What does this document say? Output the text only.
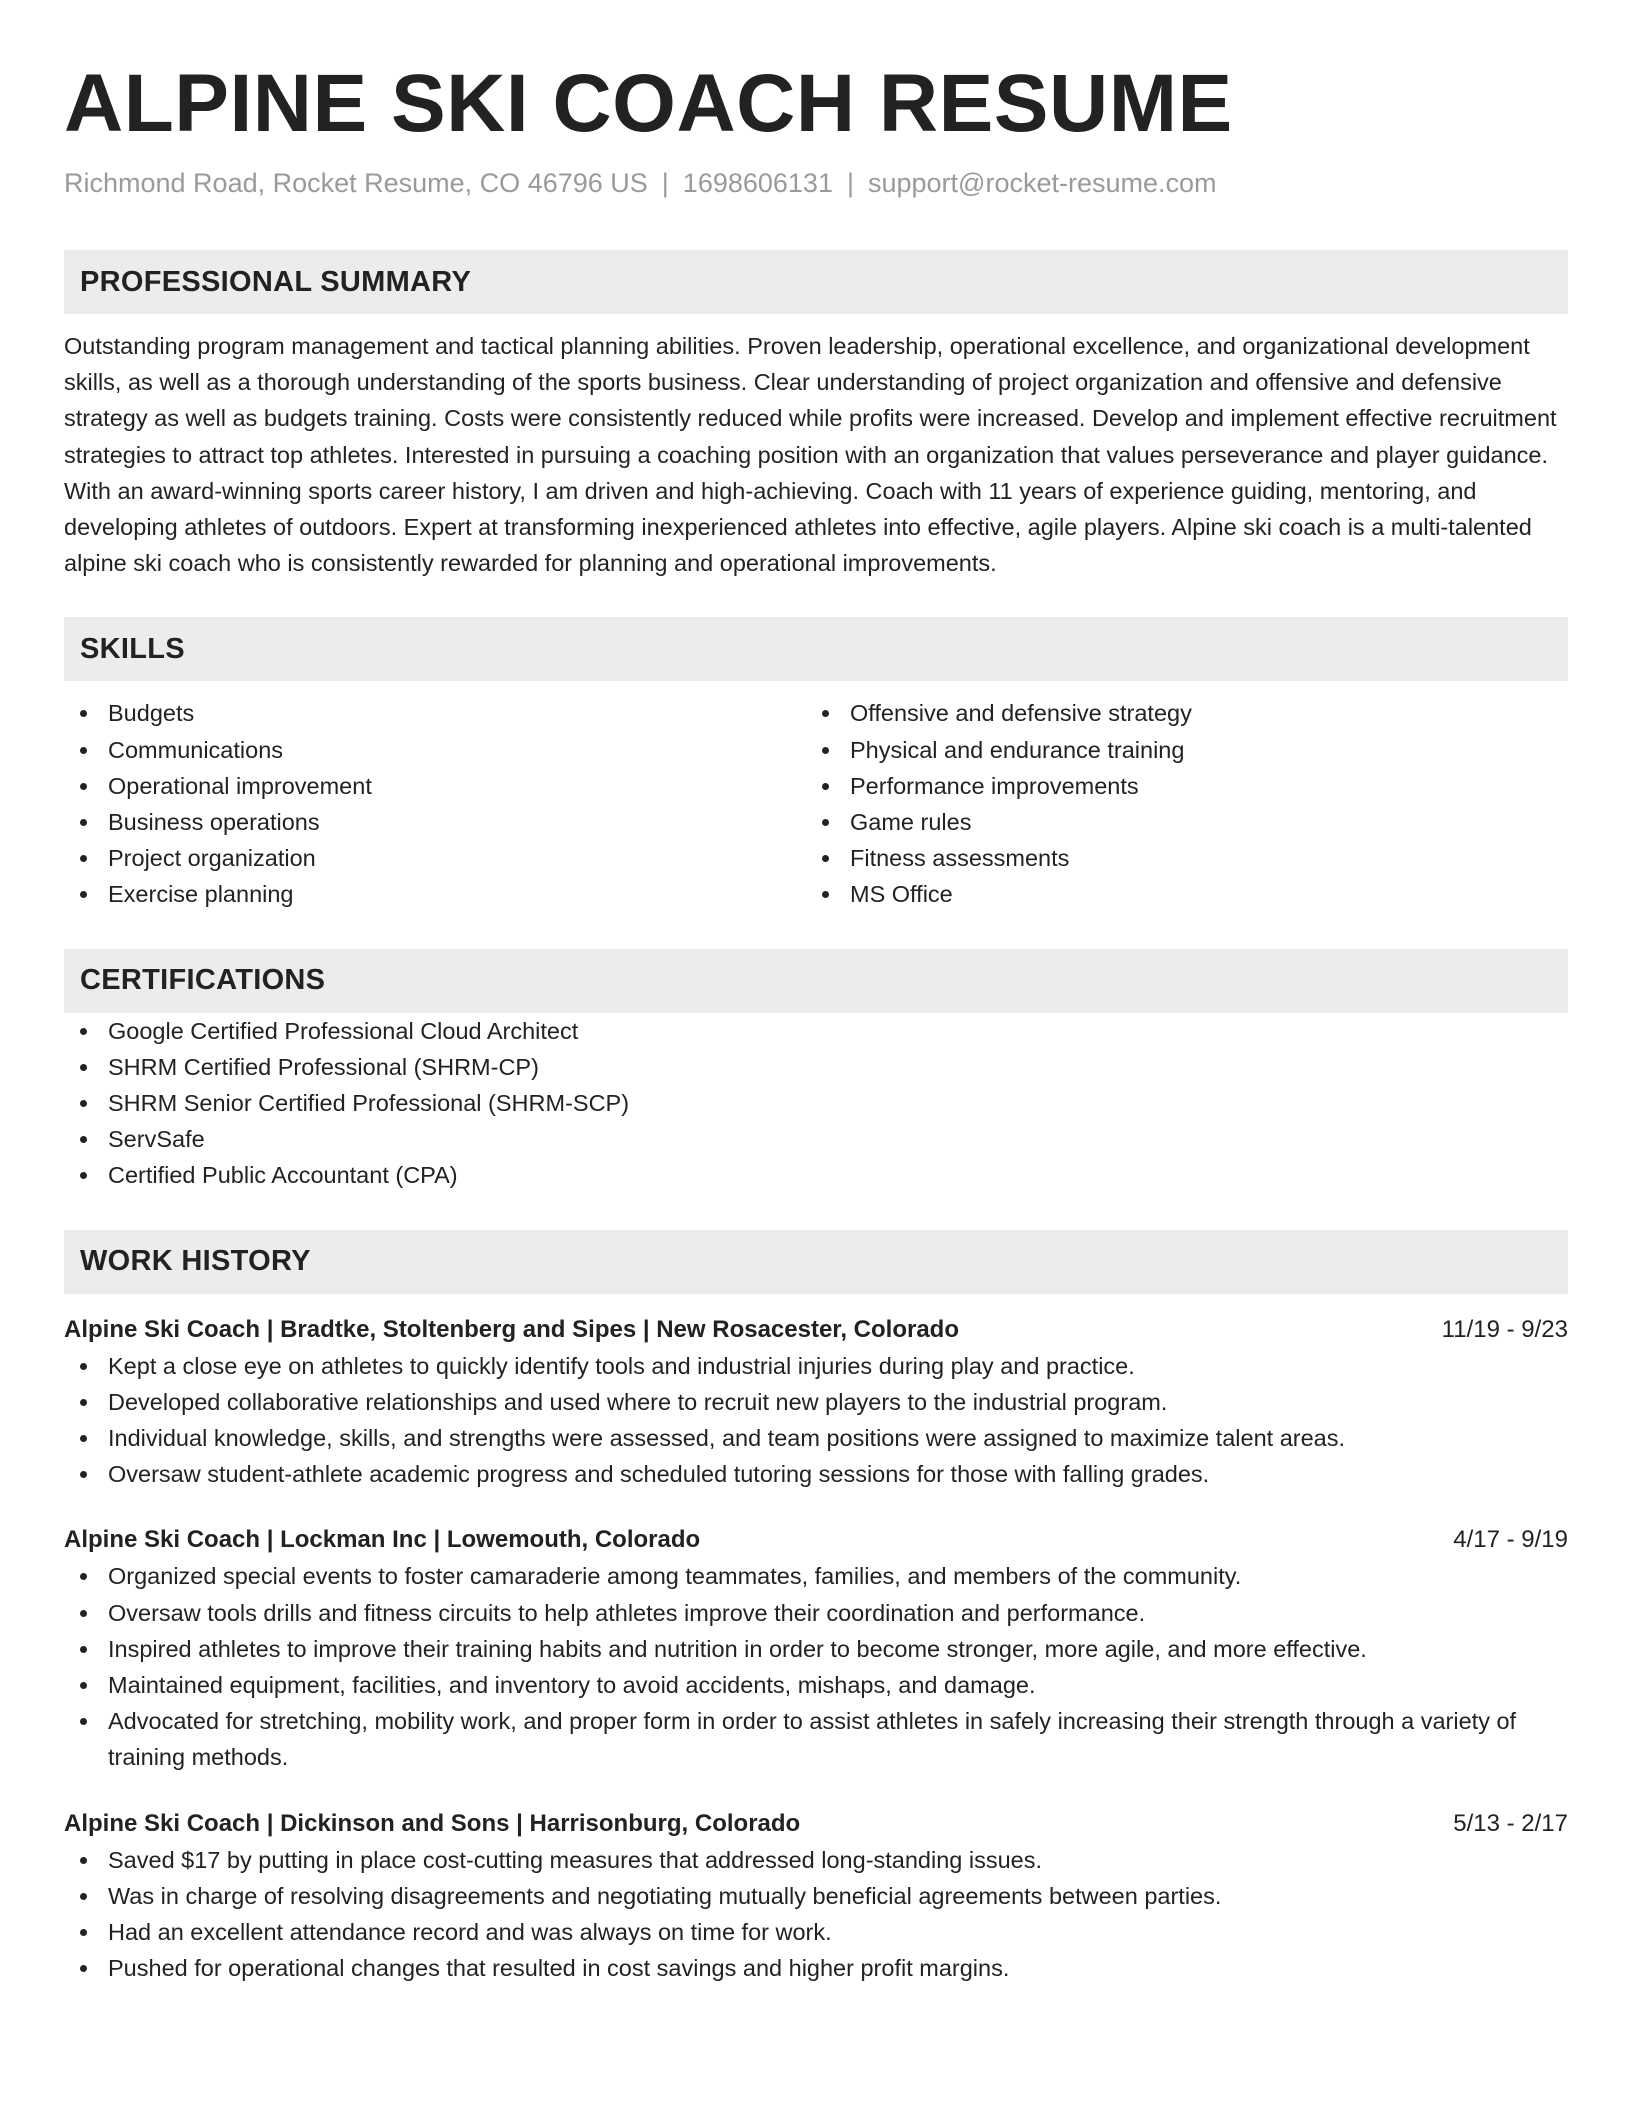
ALPINE SKI COACH RESUME
Richmond Road, Rocket Resume, CO 46796 US | 1698606131 | support@rocket-resume.com
PROFESSIONAL SUMMARY
Outstanding program management and tactical planning abilities. Proven leadership, operational excellence, and organizational development skills, as well as a thorough understanding of the sports business. Clear understanding of project organization and offensive and defensive strategy as well as budgets training. Costs were consistently reduced while profits were increased. Develop and implement effective recruitment strategies to attract top athletes. Interested in pursuing a coaching position with an organization that values perseverance and player guidance. With an award-winning sports career history, I am driven and high-achieving. Coach with 11 years of experience guiding, mentoring, and developing athletes of outdoors. Expert at transforming inexperienced athletes into effective, agile players. Alpine ski coach is a multi-talented alpine ski coach who is consistently rewarded for planning and operational improvements.
SKILLS
Budgets
Communications
Operational improvement
Business operations
Project organization
Exercise planning
Offensive and defensive strategy
Physical and endurance training
Performance improvements
Game rules
Fitness assessments
MS Office
CERTIFICATIONS
Google Certified Professional Cloud Architect
SHRM Certified Professional (SHRM-CP)
SHRM Senior Certified Professional (SHRM-SCP)
ServSafe
Certified Public Accountant (CPA)
WORK HISTORY
Alpine Ski Coach | Bradtke, Stoltenberg and Sipes | New Rosacester, Colorado	11/19 - 9/23
Kept a close eye on athletes to quickly identify tools and industrial injuries during play and practice.
Developed collaborative relationships and used where to recruit new players to the industrial program.
Individual knowledge, skills, and strengths were assessed, and team positions were assigned to maximize talent areas.
Oversaw student-athlete academic progress and scheduled tutoring sessions for those with falling grades.
Alpine Ski Coach | Lockman Inc | Lowemouth, Colorado	4/17 - 9/19
Organized special events to foster camaraderie among teammates, families, and members of the community.
Oversaw tools drills and fitness circuits to help athletes improve their coordination and performance.
Inspired athletes to improve their training habits and nutrition in order to become stronger, more agile, and more effective.
Maintained equipment, facilities, and inventory to avoid accidents, mishaps, and damage.
Advocated for stretching, mobility work, and proper form in order to assist athletes in safely increasing their strength through a variety of training methods.
Alpine Ski Coach | Dickinson and Sons | Harrisonburg, Colorado	5/13 - 2/17
Saved $17 by putting in place cost-cutting measures that addressed long-standing issues.
Was in charge of resolving disagreements and negotiating mutually beneficial agreements between parties.
Had an excellent attendance record and was always on time for work.
Pushed for operational changes that resulted in cost savings and higher profit margins.
